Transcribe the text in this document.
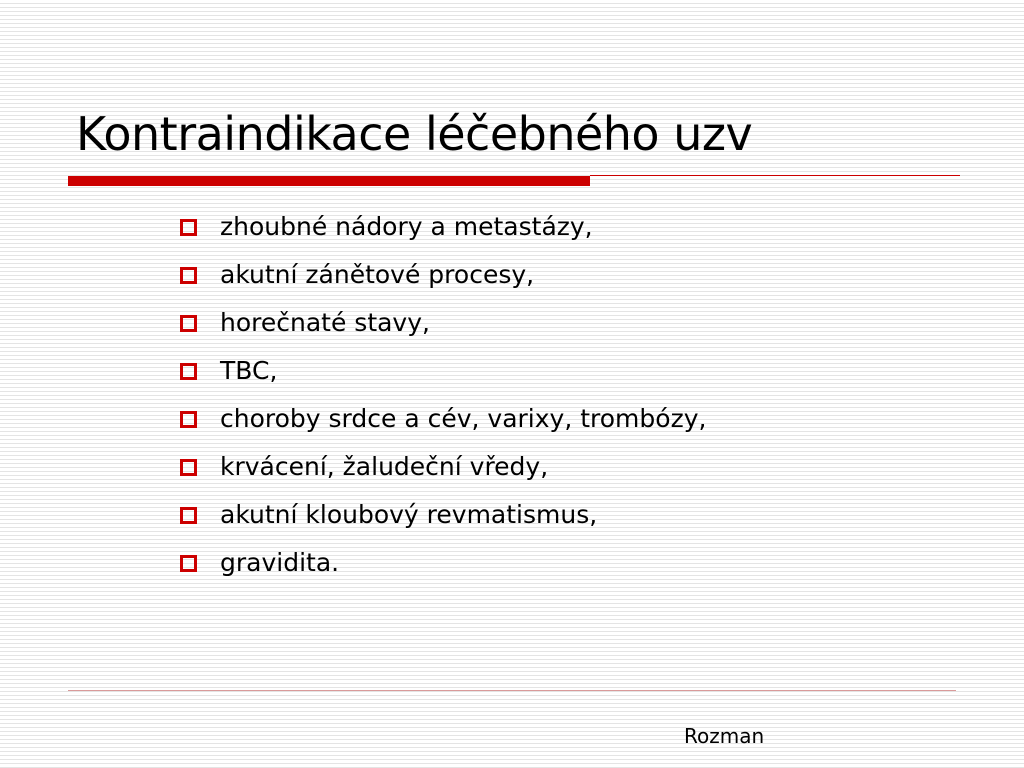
Kontraindikace léčebného uzv
zhoubné nádory a metastázy,
akutní zánětové procesy,
horečnaté stavy,
TBC,
choroby srdce a cév, varixy, trombózy,
krvácení, žaludeční vředy,
akutní kloubový revmatismus,
gravidita.
Rozman
